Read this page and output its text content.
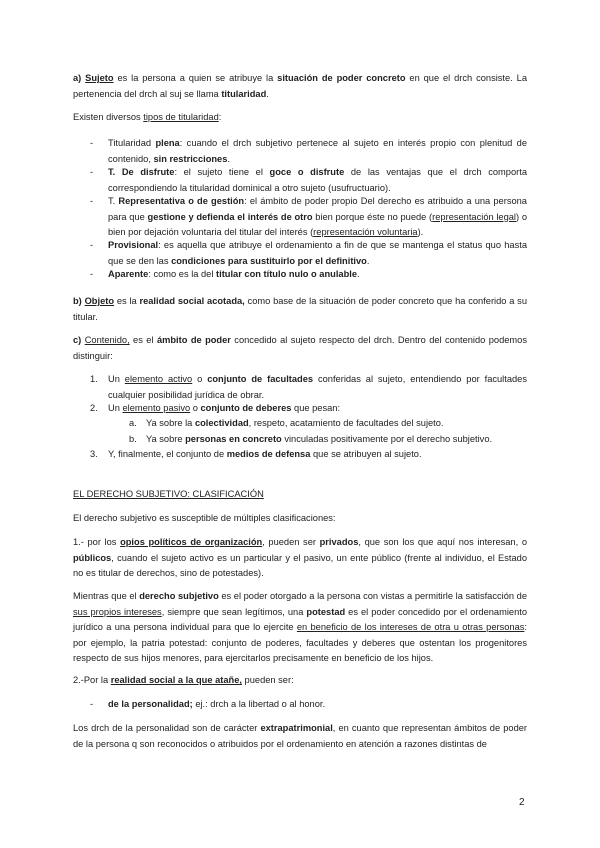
a) Sujeto es la persona a quien se atribuye la situación de poder concreto en que el drch consiste. La pertenencia del drch al suj se llama titularidad.

Existen diversos tipos de titularidad:

- Titularidad plena: cuando el drch subjetivo pertenece al sujeto en interés propio con plenitud de contenido, sin restricciones.
- T. De disfrute: el sujeto tiene el goce o disfrute de las ventajas que el drch comporta correspondiendo la titularidad dominical a otro sujeto (usufructuario).
- T. Representativa o de gestión: el ámbito de poder propio Del derecho es atribuido a una persona para que gestione y defienda el interés de otro bien porque éste no puede (representación legal) o bien por dejación voluntaria del titular del interés (representación voluntaria).
- Provisional: es aquella que atribuye el ordenamiento a fin de que se mantenga el status quo hasta que se den las condiciones para sustituirlo por el definitivo.
- Aparente: como es la del titular con título nulo o anulable.

b) Objeto es la realidad social acotada, como base de la situación de poder concreto que ha conferido a su titular.

c) Contenido, es el ámbito de poder concedido al sujeto respecto del drch. Dentro del contenido podemos distinguir:

1. Un elemento activo o conjunto de facultades conferidas al sujeto, entendiendo por facultades cualquier posibilidad jurídica de obrar.
2. Un elemento pasivo o conjunto de deberes que pesan:
a. Ya sobre la colectividad, respeto, acatamiento de facultades del sujeto.
b. Ya sobre personas en concreto vinculadas positivamente por el derecho subjetivo.
3. Y, finalmente, el conjunto de medios de defensa que se atribuyen al sujeto.

EL DERECHO SUBJETIVO: CLASIFICACIÓN

El derecho subjetivo es susceptible de múltiples clasificaciones:

1.- por los opios políticos de organización, pueden ser privados, que son los que aquí nos interesan, o públicos, cuando el sujeto activo es un particular y el pasivo, un ente público (frente al individuo, el Estado no es titular de derechos, sino de potestades).

Mientras que el derecho subjetivo es el poder otorgado a la persona con vistas a permitirle la satisfacción de sus propios intereses, siempre que sean legítimos, una potestad es el poder concedido por el ordenamiento jurídico a una persona individual para que lo ejercite en beneficio de los intereses de otra u otras personas: por ejemplo, la patria potestad: conjunto de poderes, facultades y deberes que ostentan los progenitores respecto de sus hijos menores, para ejercitarlos precisamente en beneficio de los hijos.

2.-Por la realidad social a la que atañe, pueden ser:

- de la personalidad; ej.: drch a la libertad o al honor.

Los drch de la personalidad son de carácter extrapatrimonial, en cuanto que representan ámbitos de poder de la persona q son reconocidos o atribuidos por el ordenamiento en atención a razones distintas de

2
